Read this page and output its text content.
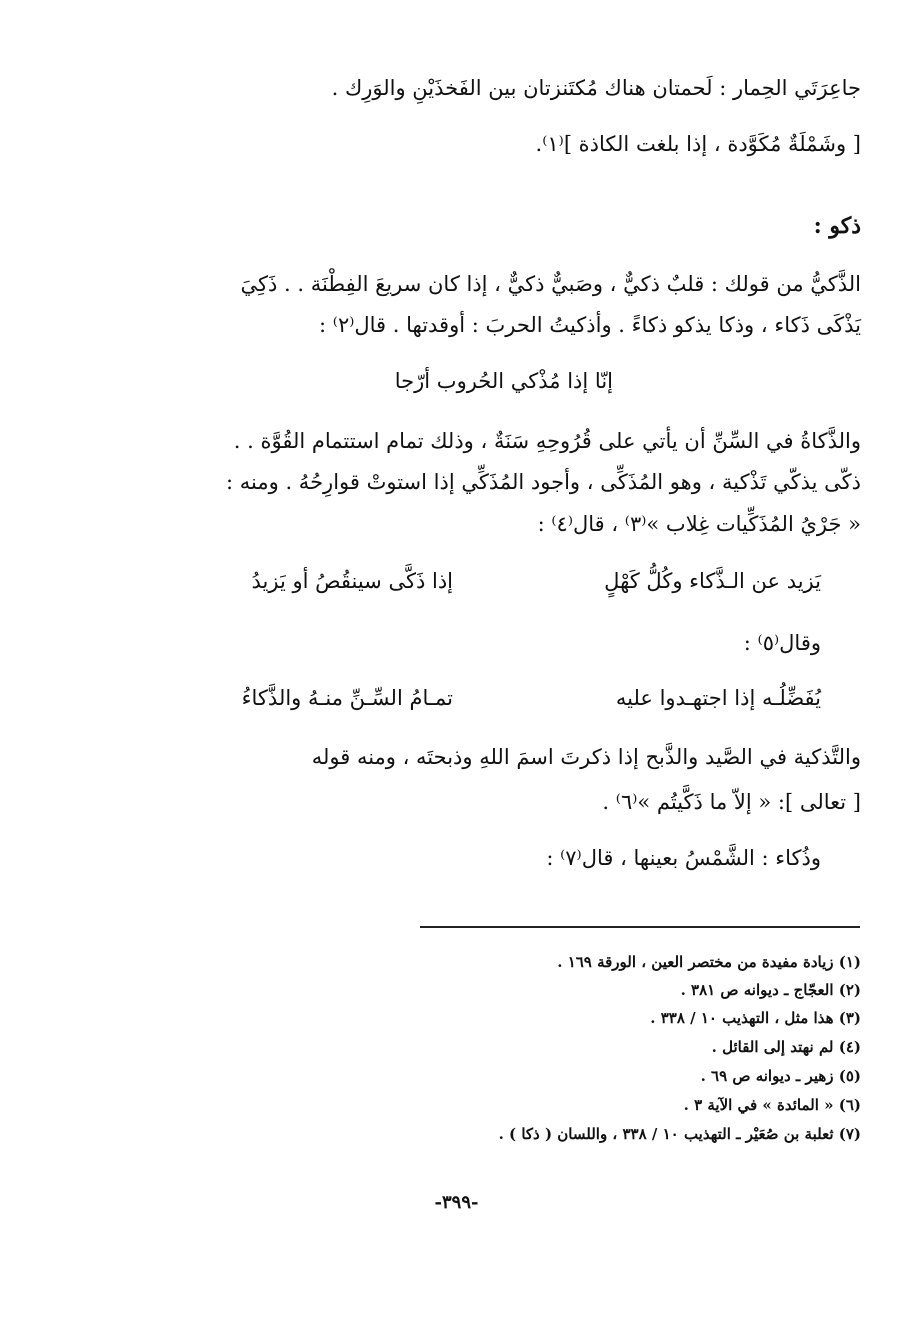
جاعِرَتَي الحِمار : لَحمتان هناك مُكتَنزتان بين الفَخذَيْنِ والوَرِك .
[ وشَمْلَةٌ مُكَوَّدة ، إذا بلغت الكاذة ]⁽١⁾.
ذكو :
الذَّكيُّ من قولك : قلبٌ ذكيٌّ ، وصَبيٌّ ذكيٌّ ، إذا كان سريعَ الفِطْنَة . . ذَكِيَ
يَذْكَى ذَكاء ، وذكا يذكو ذكاءً . وأذكيتُ الحربَ : أوقدتها . قال⁽٢⁾ :
إنّا إذا مُذْكي الحُروب أرّجا
والذَّكاةُ في السِّنِّ أن يأتي على قُرُوحِهِ سَنَةٌ ، وذلك تمام استتمام القُوَّة . .
ذكّى يذكّي تَذْكية ، وهو المُذَكِّى ، وأجود المُذَكِّي إذا استوتْ قوارِحُهُ . ومنه :
« جَرْيُ المُذَكِّيات غِلاب »⁽٣⁾ ، قال⁽٤⁾ :
يَزيد عن الـذَّكاء وكُلُّ كَهْلٍ
إذا ذَكَّى سينقُصُ أو يَزيدُ
وقال⁽٥⁾ :
يُفَضِّلُـه إذا اجتهـدوا عليه
تمـامُ السِّـنِّ منـهُ والذَّكاءُ
والتَّذكية في الصَّيد والذَّبح إذا ذكرتَ اسمَ اللهِ وذبحتَه ، ومنه قوله
[ تعالى ]: « إلاّ ما ذَكَّيتُم »⁽٦⁾ .
وذُكاء : الشَّمْسُ بعينها ، قال⁽٧⁾ :
(١) زيادة مفيدة من مختصر العين ، الورقة ١٦٩ .
(٢) العجّاج ـ ديوانه ص ٣٨١ .
(٣) هذا مثل ، التهذيب ١٠ / ٣٣٨ .
(٤) لم نهتد إلى القائل .
(٥) زهير ـ ديوانه ص ٦٩ .
(٦) « المائدة » في الآية ٣ .
(٧) ثعلبة بن صُعَيْر ـ التهذيب ١٠ / ٣٣٨ ، واللسان ( ذكا ) .
-٣٩٩-
